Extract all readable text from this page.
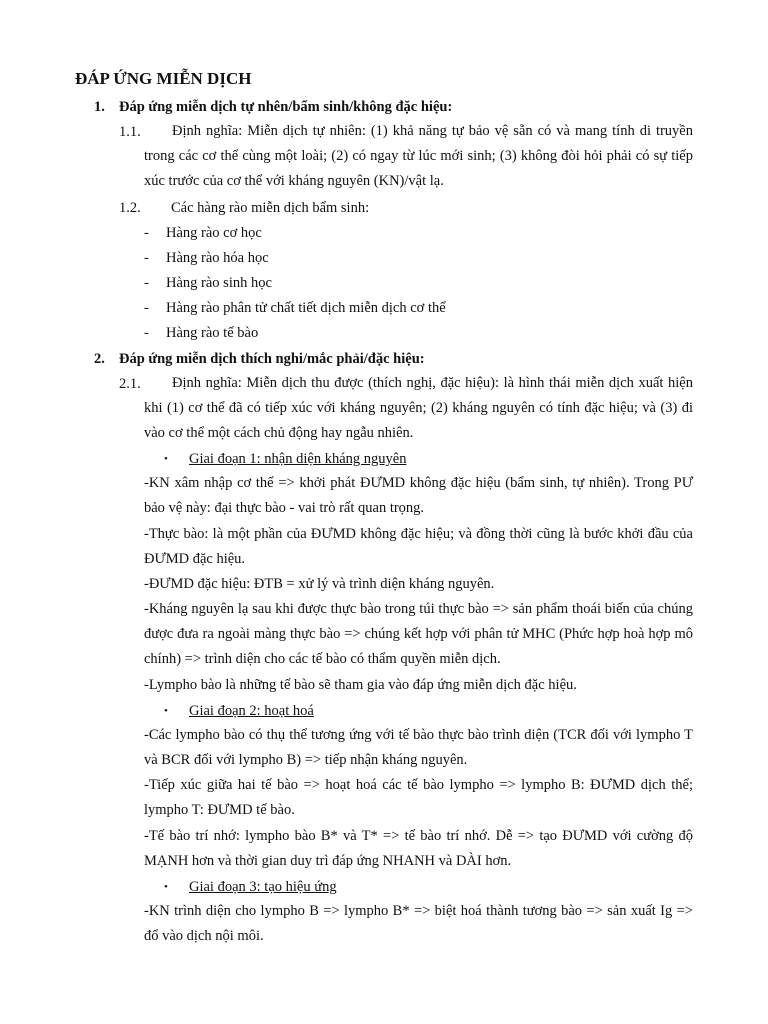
ĐÁP ỨNG MIỄN DỊCH
1. Đáp ứng miễn dịch tự nhên/bẩm sinh/không đặc hiệu:
1.1.	Định nghĩa: Miễn dịch tự nhiên: (1) khả năng tự bảo vệ sẵn có và mang tính di truyền trong các cơ thể cùng một loài; (2) có ngay từ lúc mới sinh; (3) không đòi hỏi phải có sự tiếp xúc trước của cơ thể với kháng nguyên (KN)/vật lạ.
1.2. Các hàng rào miễn dịch bẩm sinh:
- Hàng rào cơ học
- Hàng rào hóa học
- Hàng rào sinh học
- Hàng rào phân tử chất tiết dịch miễn dịch cơ thể
- Hàng rào tế bào
2. Đáp ứng miễn dịch thích nghi/mắc phải/đặc hiệu:
2.1.	Định nghĩa: Miễn dịch thu được (thích nghị, đặc hiệu): là hình thái miễn dịch xuất hiện khi (1) cơ thể đã có tiếp xúc với kháng nguyên; (2) kháng nguyên có tính đặc hiệu; và (3) đi vào cơ thể một cách chủ động hay ngẫu nhiên.
• Giai đoạn 1: nhận diện kháng nguyên
-KN xâm nhập cơ thể => khởi phát ĐƯMD không đặc hiệu (bẩm sinh, tự nhiên). Trong PƯ bảo vệ này: đại thực bào - vai trò rất quan trọng.
-Thực bào: là một phần của ĐƯMD không đặc hiệu; và đồng thời cũng là bước khởi đầu của ĐƯMD đặc hiệu.
-ĐƯMD đặc hiệu: ĐTB = xử lý và trình diện kháng nguyên.
-Kháng nguyên lạ sau khi được thực bào trong túi thực bào => sản phẩm thoái biến của chúng được đưa ra ngoài màng thực bào => chúng kết hợp với phân tử MHC (Phức hợp hoà hợp mô chính) => trình diện cho các tế bào có thẩm quyền miễn dịch.
-Lympho bào là những tế bào sẽ tham gia vào đáp ứng miễn dịch đặc hiệu.
• Giai đoạn 2: hoạt hoá
-Các lympho bào có thụ thể tương ứng với tế bào thực bào trình diện (TCR đối với lympho T và BCR đối với lympho B) => tiếp nhận kháng nguyên.
-Tiếp xúc giữa hai tế bào => hoạt hoá các tế bào lympho => lympho B: ĐƯMD dịch thể; lympho T: ĐƯMD tế bào.
-Tế bào trí nhớ: lympho bào B* và T* => tế bào trí nhớ. Dễ => tạo ĐƯMD với cường độ MẠNH hơn và thời gian duy trì đáp ứng NHANH và DÀI hơn.
• Giai đoạn 3: tạo hiệu ứng
-KN trình diện cho lympho B => lympho B* => biệt hoá thành tương bào => sản xuất Ig => đổ vào dịch nội môi.
